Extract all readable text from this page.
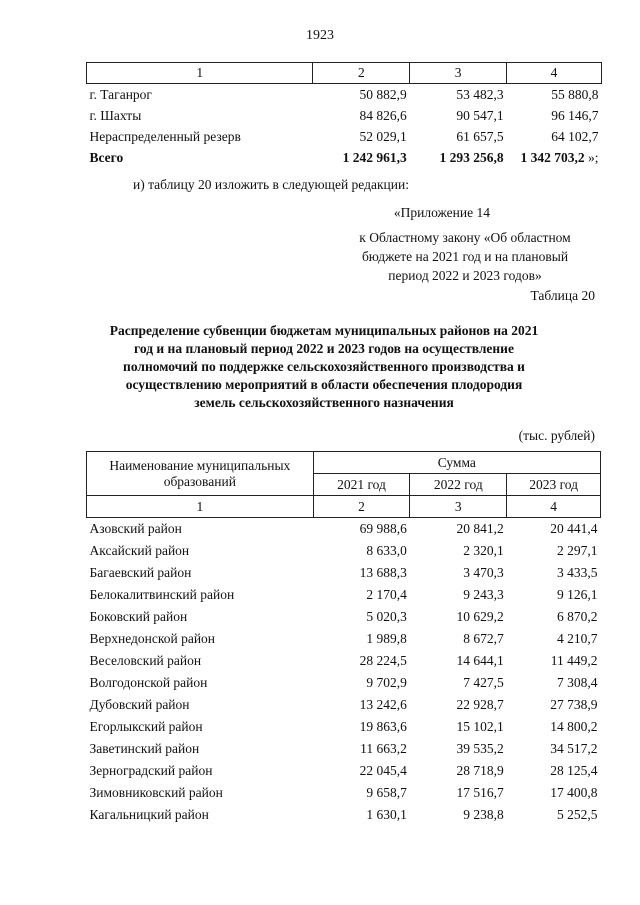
1923
1	2	3	4
г. Таганрог	50 882,9	53 482,3	55 880,8
г. Шахты	84 826,6	90 547,1	96 146,7
Нераспределенный резерв	52 029,1	61 657,5	64 102,7
Всего	1 242 961,3	1 293 256,8	1 342 703,2 »;
и) таблицу 20 изложить в следующей редакции:
«Приложение 14
к Областному закону «Об областном
бюджете на 2021 год и на плановый
период 2022 и 2023 годов»
Таблица 20
Распределение субвенции бюджетам муниципальных районов на 2021
год и на плановый период 2022 и 2023 годов на осуществление
полномочий по поддержке сельскохозяйственного производства и
осуществлению мероприятий в области обеспечения плодородия
земель сельскохозяйственного назначения
(тыс. рублей)
Наименование муниципальных образований	Сумма		
	2021 год	2022 год	2023 год
1	2	3	4
Азовский район	69 988,6	20 841,2	20 441,4
Аксайский район	8 633,0	2 320,1	2 297,1
Багаевский район	13 688,3	3 470,3	3 433,5
Белокалитвинский район	2 170,4	9 243,3	9 126,1
Боковский район	5 020,3	10 629,2	6 870,2
Верхнедонской район	1 989,8	8 672,7	4 210,7
Веселовский район	28 224,5	14 644,1	11 449,2
Волгодонской район	9 702,9	7 427,5	7 308,4
Дубовский район	13 242,6	22 928,7	27 738,9
Егорлыкский район	19 863,6	15 102,1	14 800,2
Заветинский район	11 663,2	39 535,2	34 517,2
Зерноградский район	22 045,4	28 718,9	28 125,4
Зимовниковский район	9 658,7	17 516,7	17 400,8
Кагальницкий район	1 630,1	9 238,8	5 252,5
